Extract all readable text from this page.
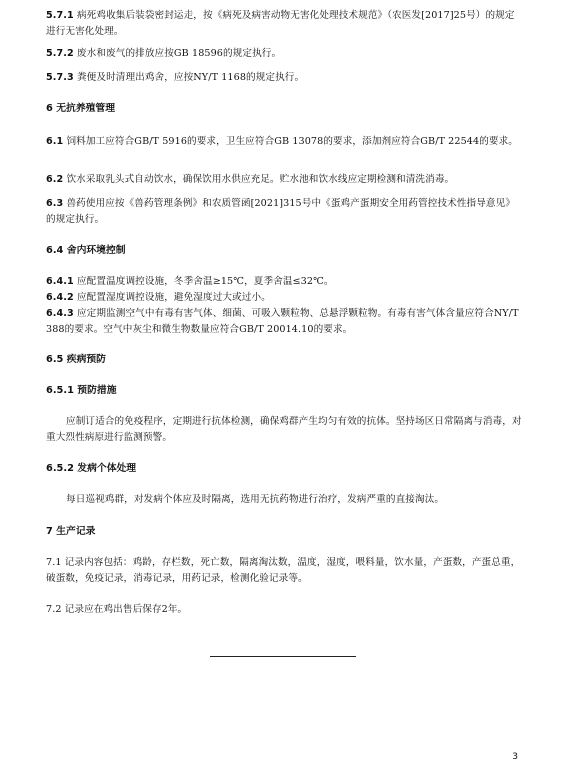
5.7.1 病死鸡收集后装袋密封运走，按《病死及病害动物无害化处理技术规范》（农医发[2017]25号）的规定进行无害化处理。

5.7.2 废水和废气的排放应按GB 18596的规定执行。

5.7.3 粪便及时清理出鸡舍，应按NY/T 1168的规定执行。

6 无抗养殖管理

6.1 饲料加工应符合GB/T 5916的要求，卫生应符合GB 13078的要求，添加剂应符合GB/T 22544的要求。

6.2 饮水采取乳头式自动饮水，确保饮用水供应充足。贮水池和饮水线应定期检测和清洗消毒。

6.3 兽药使用应按《兽药管理条例》和农质管函[2021]315号中《蛋鸡产蛋期安全用药管控技术性指导意见》的规定执行。

6.4 舍内环境控制

6.4.1 应配置温度调控设施，冬季舍温≥15℃，夏季舍温≤32℃。

6.4.2 应配置湿度调控设施，避免湿度过大或过小。

6.4.3 应定期监测空气中有毒有害气体、细菌、可吸入颗粒物、总悬浮颗粒物。有毒有害气体含量应符合NY/T 388的要求。空气中灰尘和微生物数量应符合GB/T 20014.10的要求。

6.5 疾病预防

6.5.1 预防措施

应制订适合的免疫程序，定期进行抗体检测，确保鸡群产生均匀有效的抗体。坚持场区日常隔离与消毒，对重大烈性病原进行监测预警。

6.5.2 发病个体处理

每日巡视鸡群，对发病个体应及时隔离，选用无抗药物进行治疗，发病严重的直接淘汰。

7 生产记录

7.1 记录内容包括：鸡龄，存栏数，死亡数，隔离淘汰数，温度，湿度，喂料量，饮水量，产蛋数，产蛋总重，破蛋数，免疫记录，消毒记录，用药记录，检测化验记录等。

7.2 记录应在鸡出售后保存2年。

3
